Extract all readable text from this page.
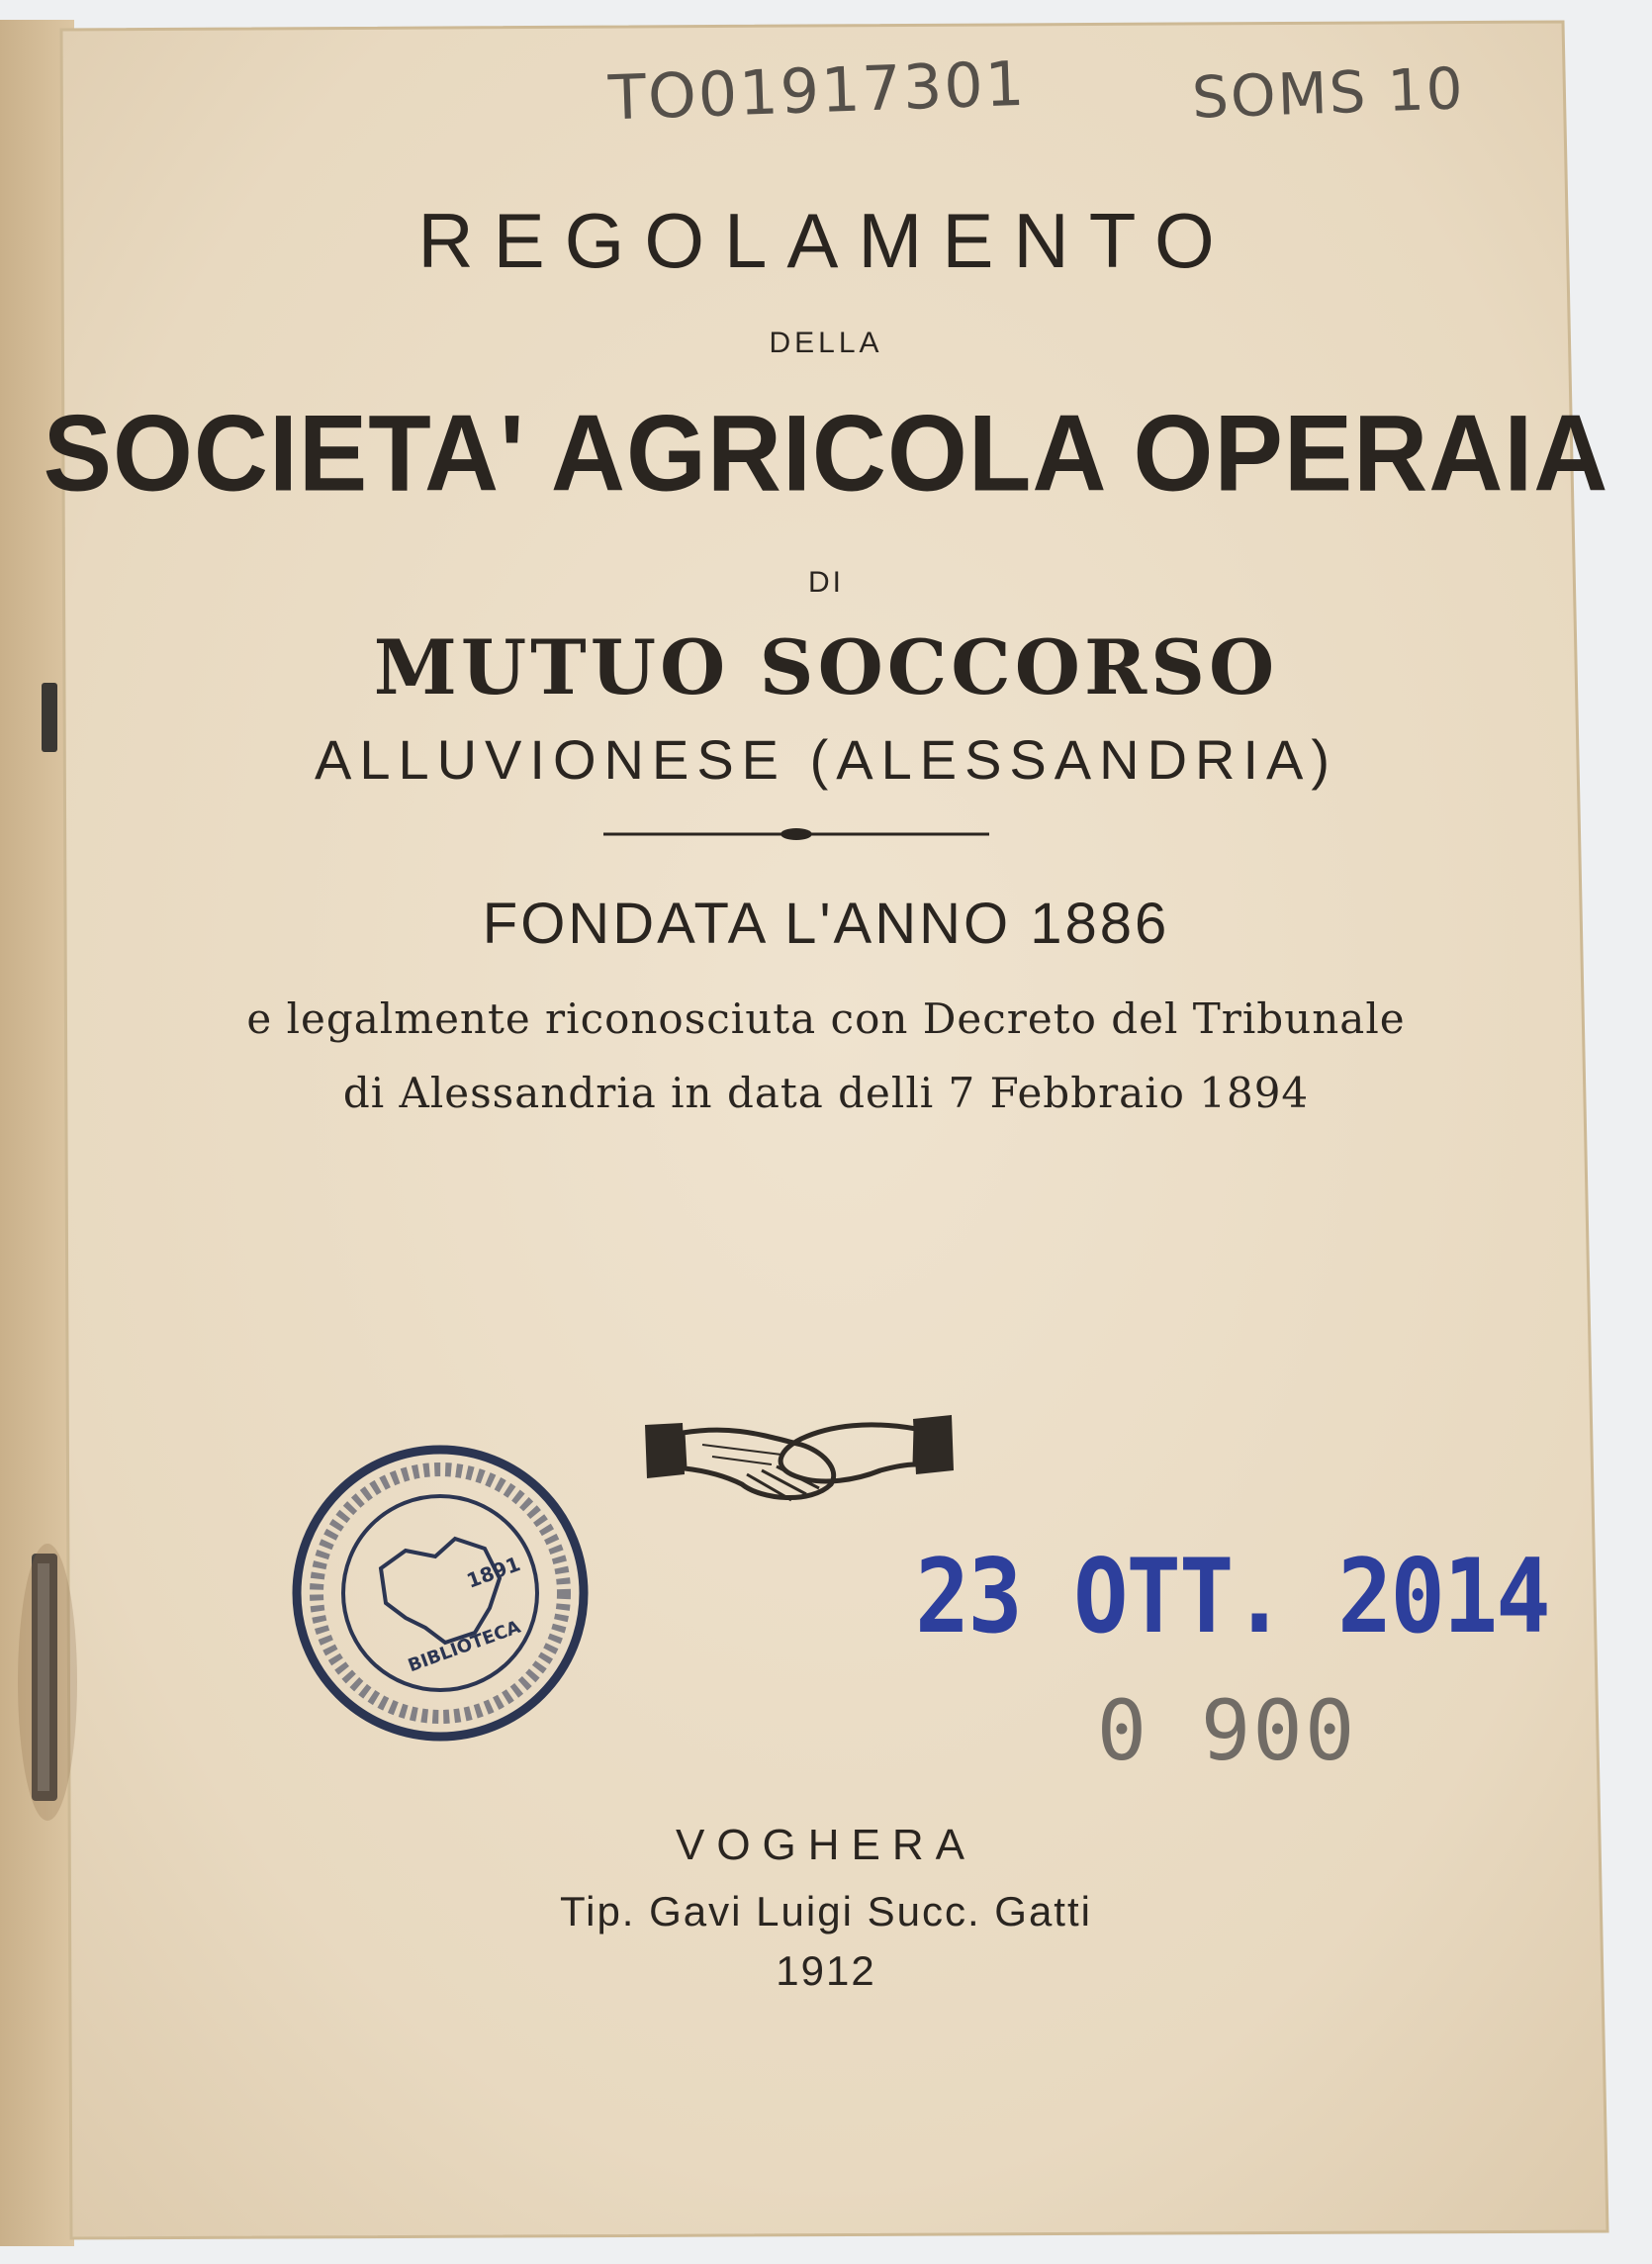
TO01917301	SOMS 10

REGOLAMENTO

DELLA

SOCIETA' AGRICOLA OPERAIA

DI

MUTUO SOCCORSO

ALLUVIONESE (ALESSANDRIA)

FONDATA L'ANNO 1886

e legalmente riconosciuta con Decreto del Tribunale

di Alessandria in data delli 7 Febbraio 1894

1891
BIBLIOTECA	23 OTT. 2014
0 900

VOGHERA

Tip. Gavi Luigi Succ. Gatti

1912
